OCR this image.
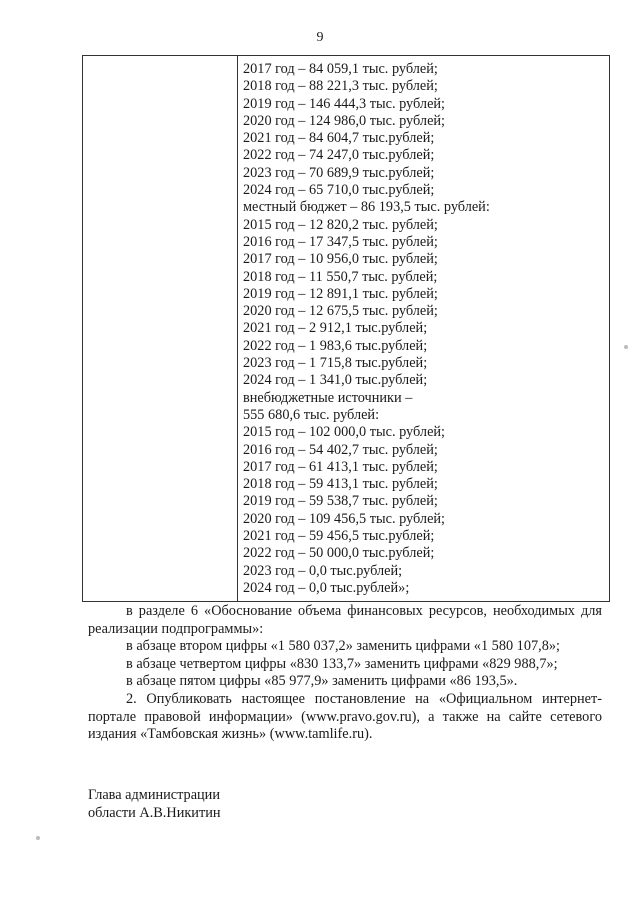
9
2017 год – 84 059,1 тыс. рублей;
2018 год – 88 221,3 тыс. рублей;
2019 год – 146 444,3 тыс. рублей;
2020 год – 124 986,0 тыс. рублей;
2021 год – 84 604,7 тыс.рублей;
2022 год – 74 247,0 тыс.рублей;
2023 год – 70 689,9 тыс.рублей;
2024 год – 65 710,0 тыс.рублей;
местный бюджет – 86 193,5 тыс. рублей:
2015 год – 12 820,2 тыс. рублей;
2016 год – 17 347,5 тыс. рублей;
2017 год – 10 956,0 тыс. рублей;
2018 год – 11 550,7 тыс. рублей;
2019 год – 12 891,1 тыс. рублей;
2020 год – 12 675,5 тыс. рублей;
2021 год – 2 912,1 тыс.рублей;
2022 год – 1 983,6 тыс.рублей;
2023 год – 1 715,8 тыс.рублей;
2024 год – 1 341,0 тыс.рублей;
внебюджетные источники –
555 680,6 тыс. рублей:
2015 год – 102 000,0 тыс. рублей;
2016 год – 54 402,7 тыс. рублей;
2017 год – 61 413,1 тыс. рублей;
2018 год – 59 413,1 тыс. рублей;
2019 год – 59 538,7 тыс. рублей;
2020 год – 109 456,5 тыс. рублей;
2021 год – 59 456,5 тыс.рублей;
2022 год – 50 000,0 тыс.рублей;
2023 год – 0,0 тыс.рублей;
2024 год – 0,0 тыс.рублей»;

в разделе 6 «Обоснование объема финансовых ресурсов, необходимых для реализации подпрограммы»:

в абзаце втором цифры «1 580 037,2» заменить цифрами «1 580 107,8»;

в абзаце четвертом цифры «830 133,7» заменить цифрами «829 988,7»;

в абзаце пятом цифры «85 977,9» заменить цифрами «86 193,5».

2. Опубликовать настоящее постановление на «Официальном интернет-портале правовой информации» (www.pravo.gov.ru), а также на сайте сетевого издания «Тамбовская жизнь» (www.tamlife.ru).

Глава администрации
области А.В.Никитин
